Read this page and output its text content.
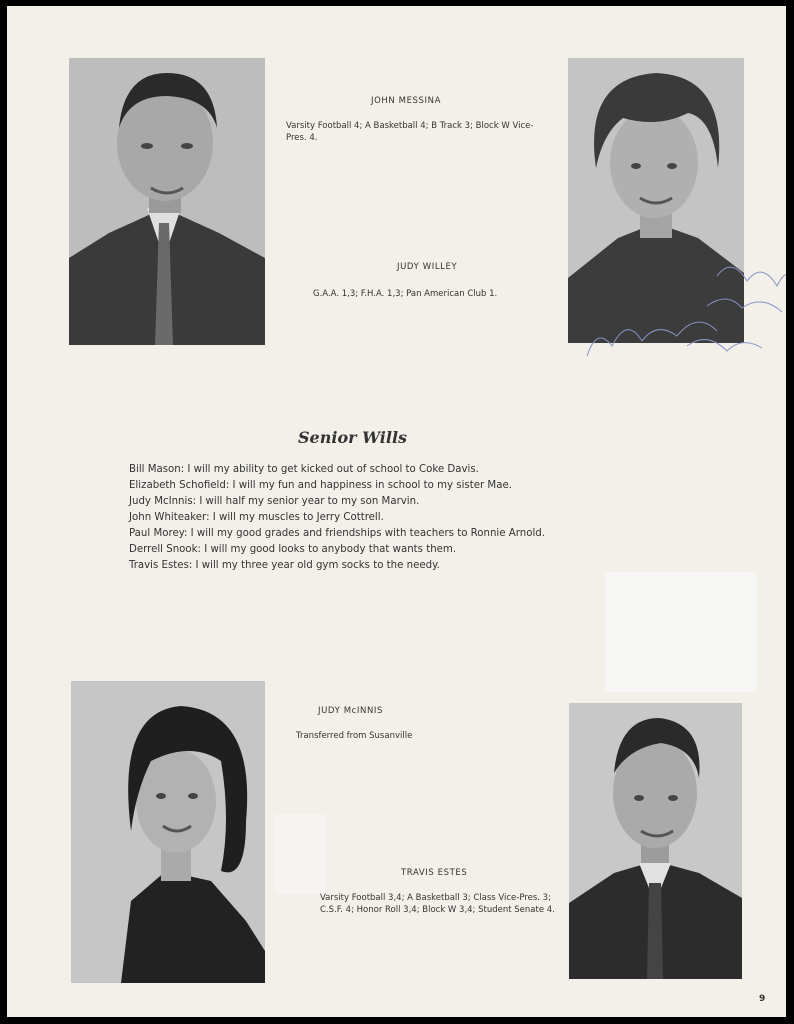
JOHN MESSINA
Varsity Football 4; A Basketball 4; B Track 3; Block W Vice-Pres. 4.
JUDY WILLEY
G.A.A. 1,3; F.H.A. 1,3; Pan American Club 1.
Senior Wills
Bill Mason: I will my ability to get kicked out of school to Coke Davis.
Elizabeth Schofield: I will my fun and happiness in school to my sister Mae.
Judy McInnis: I will half my senior year to my son Marvin.
John Whiteaker: I will my muscles to Jerry Cottrell.
Paul Morey: I will my good grades and friendships with teachers to Ronnie Arnold.
Derrell Snook: I will my good looks to anybody that wants them.
Travis Estes: I will my three year old gym socks to the needy.
JUDY McINNIS
Transferred from Susanville
TRAVIS ESTES
Varsity Football 3,4; A Basketball 3; Class Vice-Pres. 3; C.S.F. 4; Honor Roll 3,4; Block W 3,4; Student Senate 4.
9
